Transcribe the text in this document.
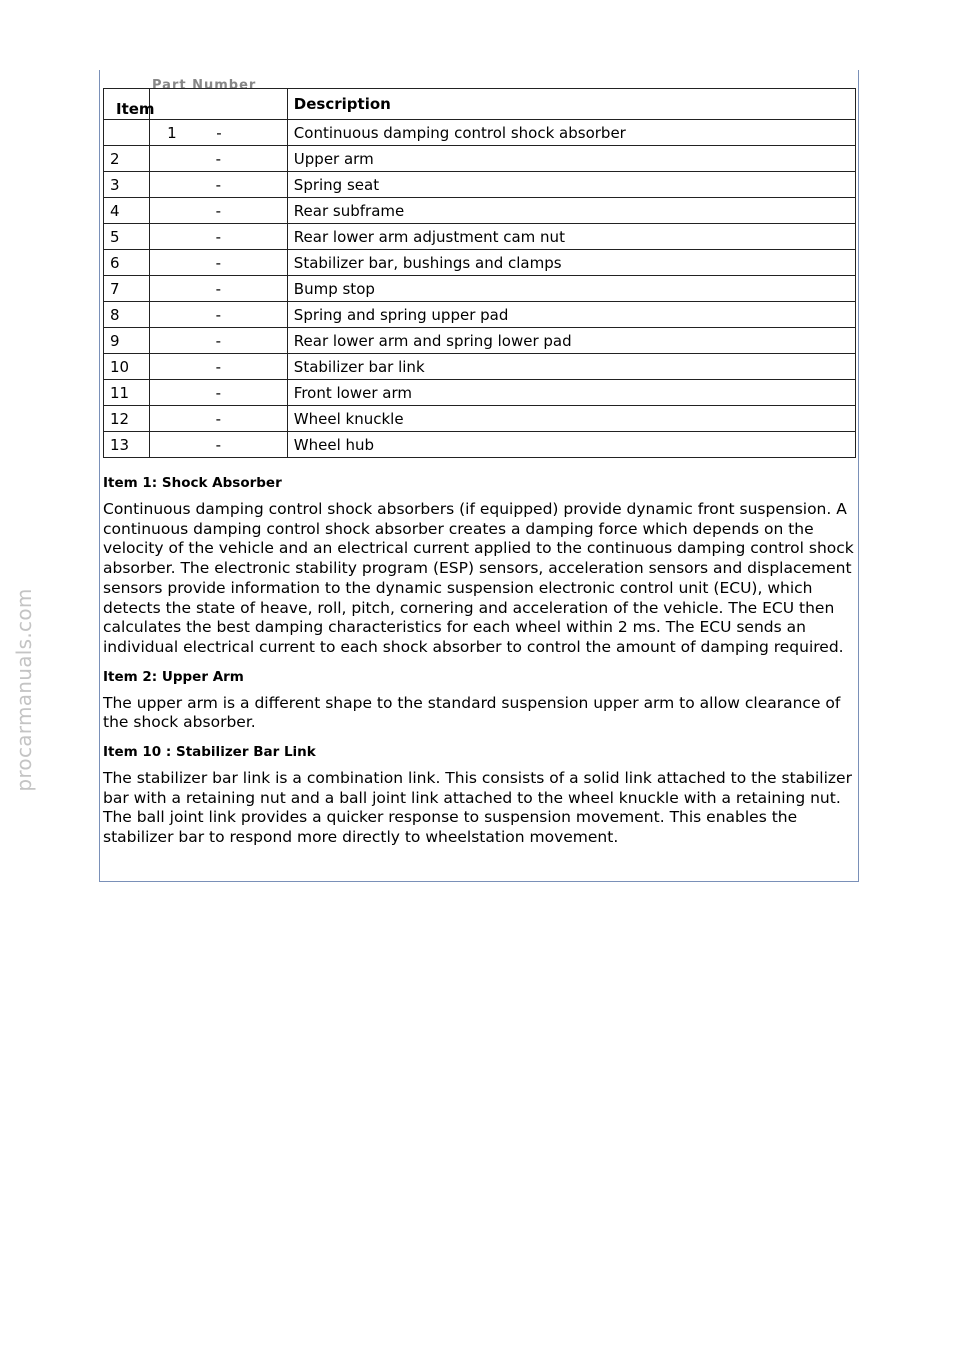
procarmanuals.com
Part Number
Item		Description
	1 -	Continuous damping control shock absorber
2	-	Upper arm
3	-	Spring seat
4	-	Rear subframe
5	-	Rear lower arm adjustment cam nut
6	-	Stabilizer bar, bushings and clamps
7	-	Bump stop
8	-	Spring and spring upper pad
9	-	Rear lower arm and spring lower pad
10	-	Stabilizer bar link
11	-	Front lower arm
12	-	Wheel knuckle
13	-	Wheel hub
Item 1: Shock Absorber

Continuous damping control shock absorbers (if equipped) provide dynamic front suspension. A continuous damping control shock absorber creates a damping force which depends on the velocity of the vehicle and an electrical current applied to the continuous damping control shock absorber. The electronic stability program (ESP) sensors, acceleration sensors and displacement sensors provide information to the dynamic suspension electronic control unit (ECU), which detects the state of heave, roll, pitch, cornering and acceleration of the vehicle. The ECU then calculates the best damping characteristics for each wheel within 2 ms. The ECU sends an individual electrical current to each shock absorber to control the amount of damping required.

Item 2: Upper Arm

The upper arm is a different shape to the standard suspension upper arm to allow clearance of the shock absorber.

Item 10 : Stabilizer Bar Link

The stabilizer bar link is a combination link. This consists of a solid link attached to the stabilizer bar with a retaining nut and a ball joint link attached to the wheel knuckle with a retaining nut. The ball joint link provides a quicker response to suspension movement. This enables the stabilizer bar to respond more directly to wheelstation movement.
